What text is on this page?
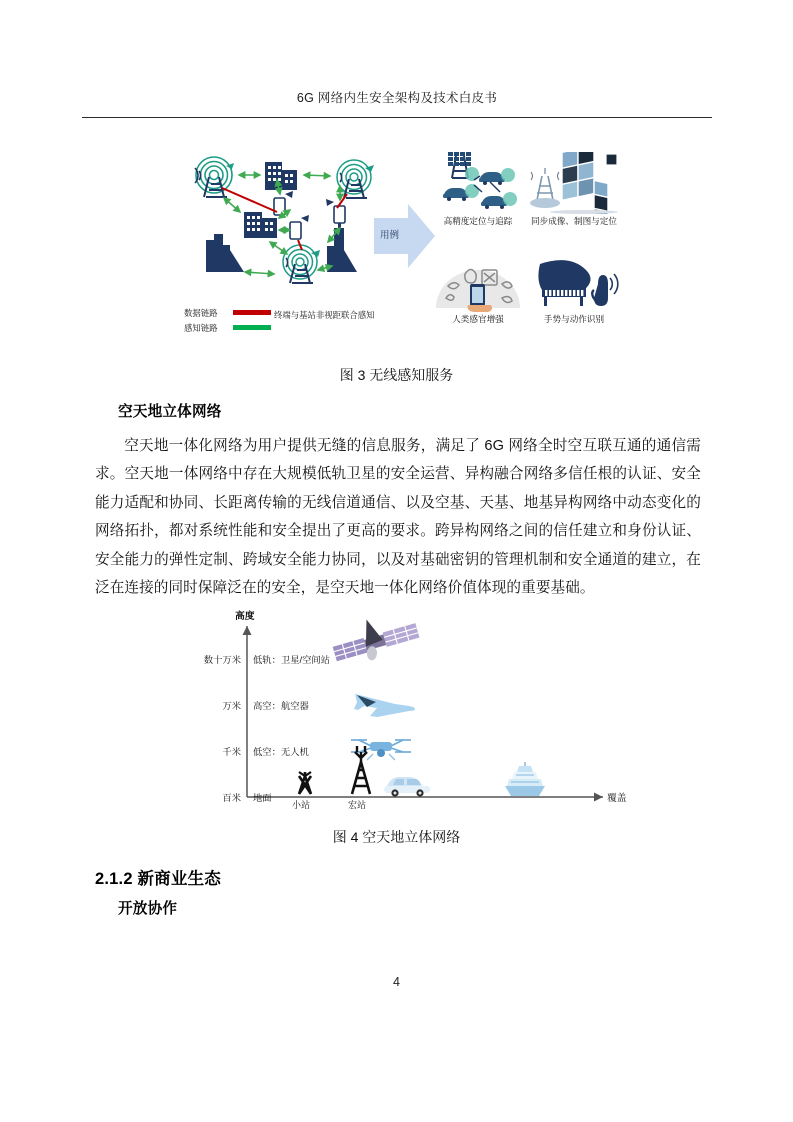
6G 网络内生安全架构及技术白皮书
数据链路
感知链路
终端与基站非视距联合感知
用例
高精度定位与追踪	同步成像、制图与定位
人类感官增强	手势与动作识别
图 3 无线感知服务
空天地立体网络
空天地一体化网络为用户提供无缝的信息服务，满足了 6G 网络全时空互联互通的通信需求。空天地一体网络中存在大规模低轨卫星的安全运营、异构融合网络多信任根的认证、安全能力适配和协同、长距离传输的无线信道通信、以及空基、天基、地基异构网络中动态变化的网络拓扑，都对系统性能和安全提出了更高的要求。跨异构网络之间的信任建立和身份认证、安全能力的弹性定制、跨域安全能力协同，以及对基础密钥的管理机制和安全通道的建立，在泛在连接的同时保障泛在的安全，是空天地一体化网络价值体现的重要基础。
高度
覆盖
数十万米
万米
千米
百米
低轨：卫星/空间站
高空：航空器
低空：无人机
地面
小站	宏站
图 4 空天地立体网络
2.1.2 新商业生态
开放协作
4
